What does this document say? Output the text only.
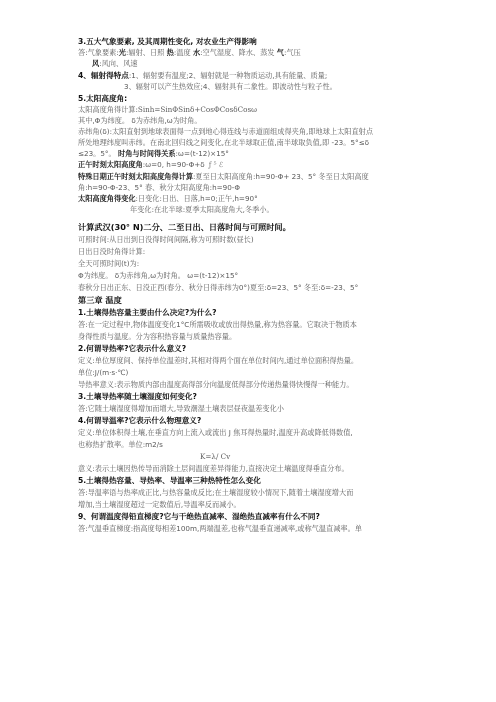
3.五大气象要素, 及其周期性变化, 对农业生产得影响
答:气象要素:光:辐射、日照 热:温度 水:空气湿度、降水、蒸发 气:气压
风:风向、风速
4、辐射得特点:1、辐射要有温度;2、辐射就是一种物质运动,具有能量、质量;
3、辐射可以产生热效应;4、辐射具有二象性。即波动性与粒子性。
5.太阳高度角:
太阳高度角得计算:Sinh=SinΦSinδ+CosΦCosδCosω
其中,Φ为纬度。 δ为赤纬角,ω为时角。
赤纬角(δ):太阳直射到地球表面得一点到地心得连线与赤道面组成得夹角,即地球上太阳直射点
所处地理纬度叫赤纬。在南北回归线之间变化,在北半球取正值,南半球取负值,即 -23。5°≤δ
≤23。5°。 时角与时间得关系:ω=(t-12)×15°
正午时刻太阳高度角:ω=0, h=90-Φ+δ ƒ ⁵ ℰ
特殊日期正午时刻太阳高度角得计算:夏至日太阳高度角:h=90-Φ+ 23、5° 冬至日太阳高度
角:h=90-Φ-23、5° 春、秋分太阳高度角:h=90-Φ
太阳高度角得变化:日变化:日出、日落,h=0;正午,h=90°
年变化:在北半球:夏季太阳高度角大,冬季小。
计算武汉(30° N)二分、二至日出、日落时间与可照时间。
可照时间:从日出到日没得时间间隔,称为可照时数(昼长)
日出日没时角得计算:
全天可照时间(t)为:
Φ为纬度。 δ为赤纬角,ω为时角。 ω=(t-12)×15°
春秋分日出正东、日没正西(春分、秋分日得赤纬为0°)夏至:δ=23、5° 冬至:δ=-23、5°
第三章 温度
1.土壤得热容量主要由什么决定?为什么?
答:在一定过程中,物体温度变化1°C所需吸收或放出得热量,称为热容量。它取决于物质本
身得性质与温度。分为容积热容量与质量热容量。
2.何谓导热率?它表示什么意义?
定义:单位厚度间、保持单位温差时,其相对得两个面在单位时间内,通过单位面积得热量。
单位:J/(m·s·℃)
导热率意义:表示物质内部由温度高得部分向温度低得部分传递热量得快慢得一种能力。
3.土壤导热率随土壤湿度如何变化?
答:它随土壤湿度得增加而增大,导致潮湿土壤表层昼夜温差变化小
4.何谓导温率?它表示什么物理意义?
定义:单位体积得土壤,在垂直方向上流入或流出 J 焦耳得热量时,温度升高或降低得数值,
也称热扩散率。单位:m2/s
K=λ/ Cv
意义:表示土壤因热传导而消除土层间温度差异得能力,直接决定土壤温度得垂直分布。
5.土壤得热容量、导热率、导温率三种热特性怎么变化
答:导温率语与热率成正比,与热容量成反比;在土壤湿度较小情况下,随着土壤湿度增大而
增加,当土壤湿度超过一定数值后,导温率反而减小。
9、何谓温度得铅直梯度?它与干绝热直减率、湿绝热直减率有什么不同?
答:气温垂直梯度:指高度每相差100m,两端温差,也称气温垂直递减率,或称气温直减率。单
